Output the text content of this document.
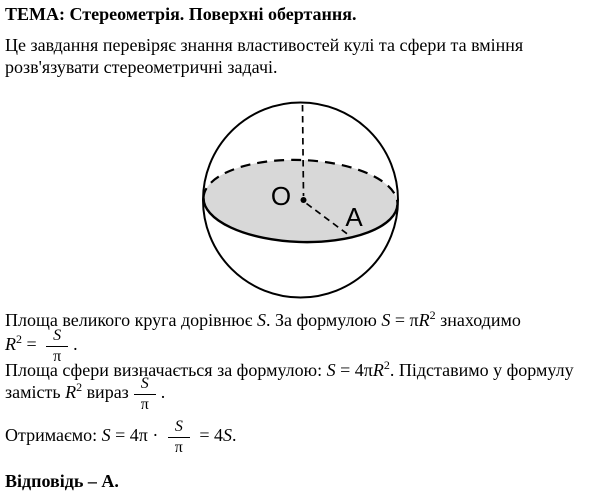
ТЕМА: Стереометрія. Поверхні обертання.
Це завдання перевіряє знання властивостей кулі та сфери та вміння
розв'язувати стереометричні задачі.
O
A
Площа великого круга дорівнює S. За формулою $S = \pi R^2$ знаходимо
$R^2 = \frac{S}{\pi}$ .
Площа сфери визначається за формулою: $S = 4\pi R^2$. Підставимо у формулу
замість $R^2$ вираз $\frac{S}{\pi}$ .
Отримаємо: $S = 4\pi \cdot \frac{S}{\pi} = 4S$.
Відповідь – А.
